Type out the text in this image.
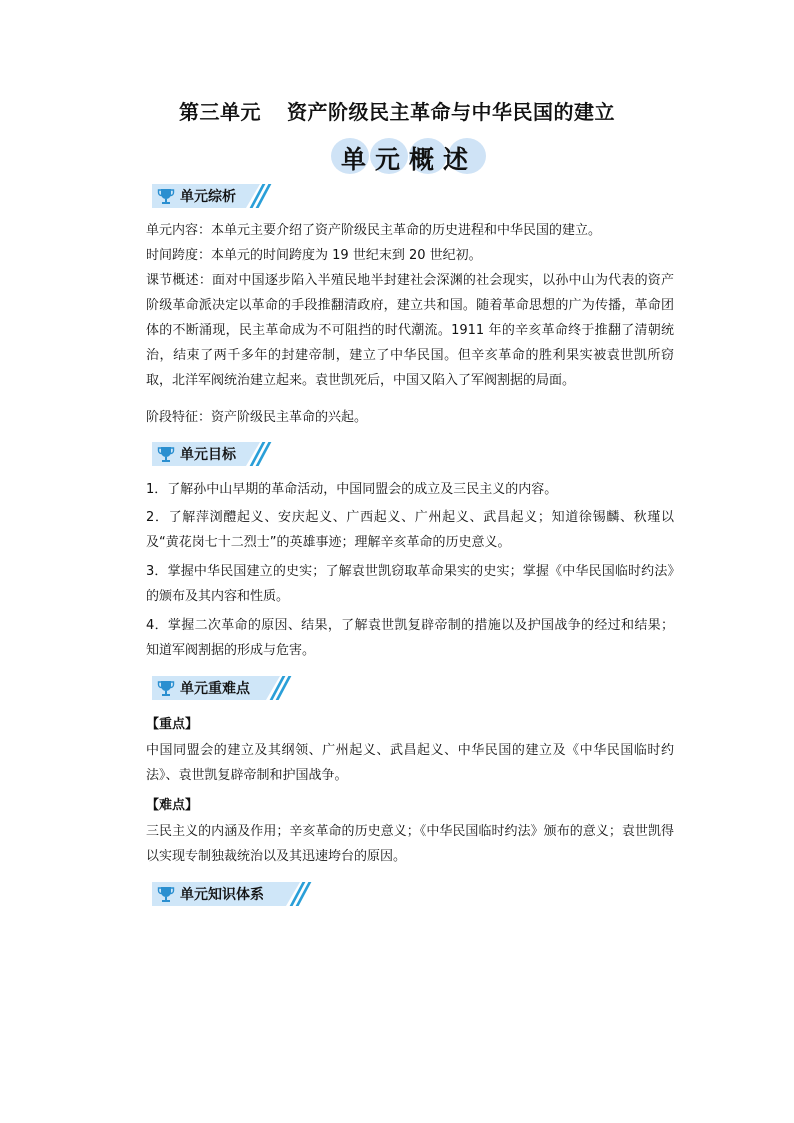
第三单元 资产阶级民主革命与中华民国的建立
单元概述
单元综析
单元内容：本单元主要介绍了资产阶级民主革命的历史进程和中华民国的建立。
时间跨度：本单元的时间跨度为 19 世纪末到 20 世纪初。
课节概述：面对中国逐步陷入半殖民地半封建社会深渊的社会现实，以孙中山为代表的资产阶级革命派决定以革命的手段推翻清政府，建立共和国。随着革命思想的广为传播，革命团体的不断涌现，民主革命成为不可阻挡的时代潮流。1911 年的辛亥革命终于推翻了清朝统治，结束了两千多年的封建帝制，建立了中华民国。但辛亥革命的胜利果实被袁世凯所窃取，北洋军阀统治建立起来。袁世凯死后，中国又陷入了军阀割据的局面。
阶段特征：资产阶级民主革命的兴起。
单元目标
1．了解孙中山早期的革命活动，中国同盟会的成立及三民主义的内容。
2．了解萍浏醴起义、安庆起义、广西起义、广州起义、武昌起义；知道徐锡麟、秋瑾以及“黄花岗七十二烈士”的英雄事迹；理解辛亥革命的历史意义。
3．掌握中华民国建立的史实；了解袁世凯窃取革命果实的史实；掌握《中华民国临时约法》的颁布及其内容和性质。
4．掌握二次革命的原因、结果，了解袁世凯复辟帝制的措施以及护国战争的经过和结果；知道军阀割据的形成与危害。
单元重难点
【重点】
中国同盟会的建立及其纲领、广州起义、武昌起义、中华民国的建立及《中华民国临时约法》、袁世凯复辟帝制和护国战争。
【难点】
三民主义的内涵及作用；辛亥革命的历史意义；《中华民国临时约法》颁布的意义；袁世凯得以实现专制独裁统治以及其迅速垮台的原因。
单元知识体系
